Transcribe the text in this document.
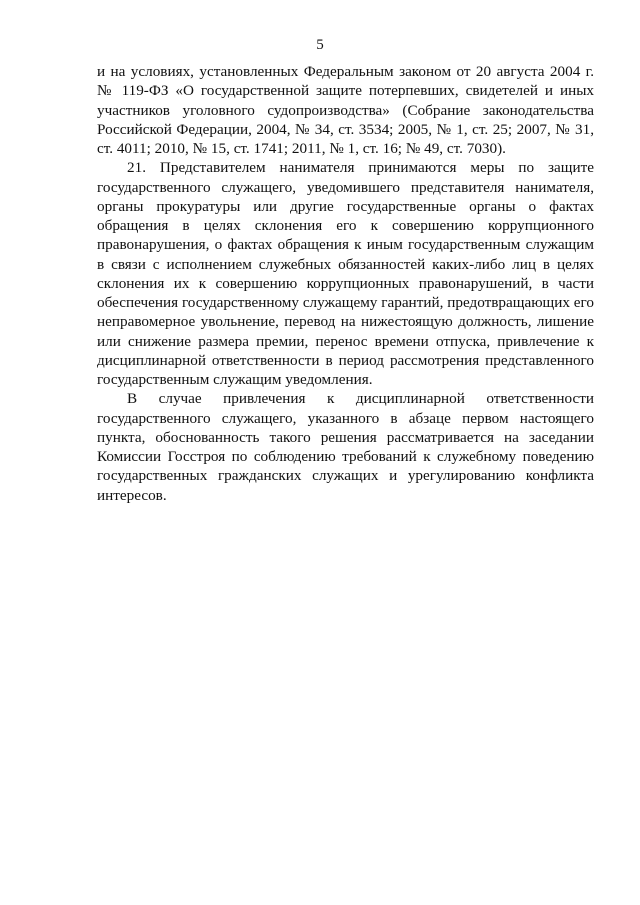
5

и на условиях, установленных Федеральным законом от 20 августа 2004 г. № 119-ФЗ «О государственной защите потерпевших, свидетелей и иных участников уголовного судопроизводства» (Собрание законодательства Российской Федерации, 2004, № 34, ст. 3534; 2005, № 1, ст. 25; 2007, № 31, ст. 4011; 2010, № 15, ст. 1741; 2011, № 1, ст. 16; № 49, ст. 7030).

21. Представителем нанимателя принимаются меры по защите государственного служащего, уведомившего представителя нанимателя, органы прокуратуры или другие государственные органы о фактах обращения в целях склонения его к совершению коррупционного правонарушения, о фактах обращения к иным государственным служащим в связи с исполнением служебных обязанностей каких-либо лиц в целях склонения их к совершению коррупционных правонарушений, в части обеспечения государственному служащему гарантий, предотвращающих его неправомерное увольнение, перевод на нижестоящую должность, лишение или снижение размера премии, перенос времени отпуска, привлечение к дисциплинарной ответственности в период рассмотрения представленного государственным служащим уведомления.

В случае привлечения к дисциплинарной ответственности государственного служащего, указанного в абзаце первом настоящего пункта, обоснованность такого решения рассматривается на заседании Комиссии Госстроя по соблюдению требований к служебному поведению государственных гражданских служащих и урегулированию конфликта интересов.
